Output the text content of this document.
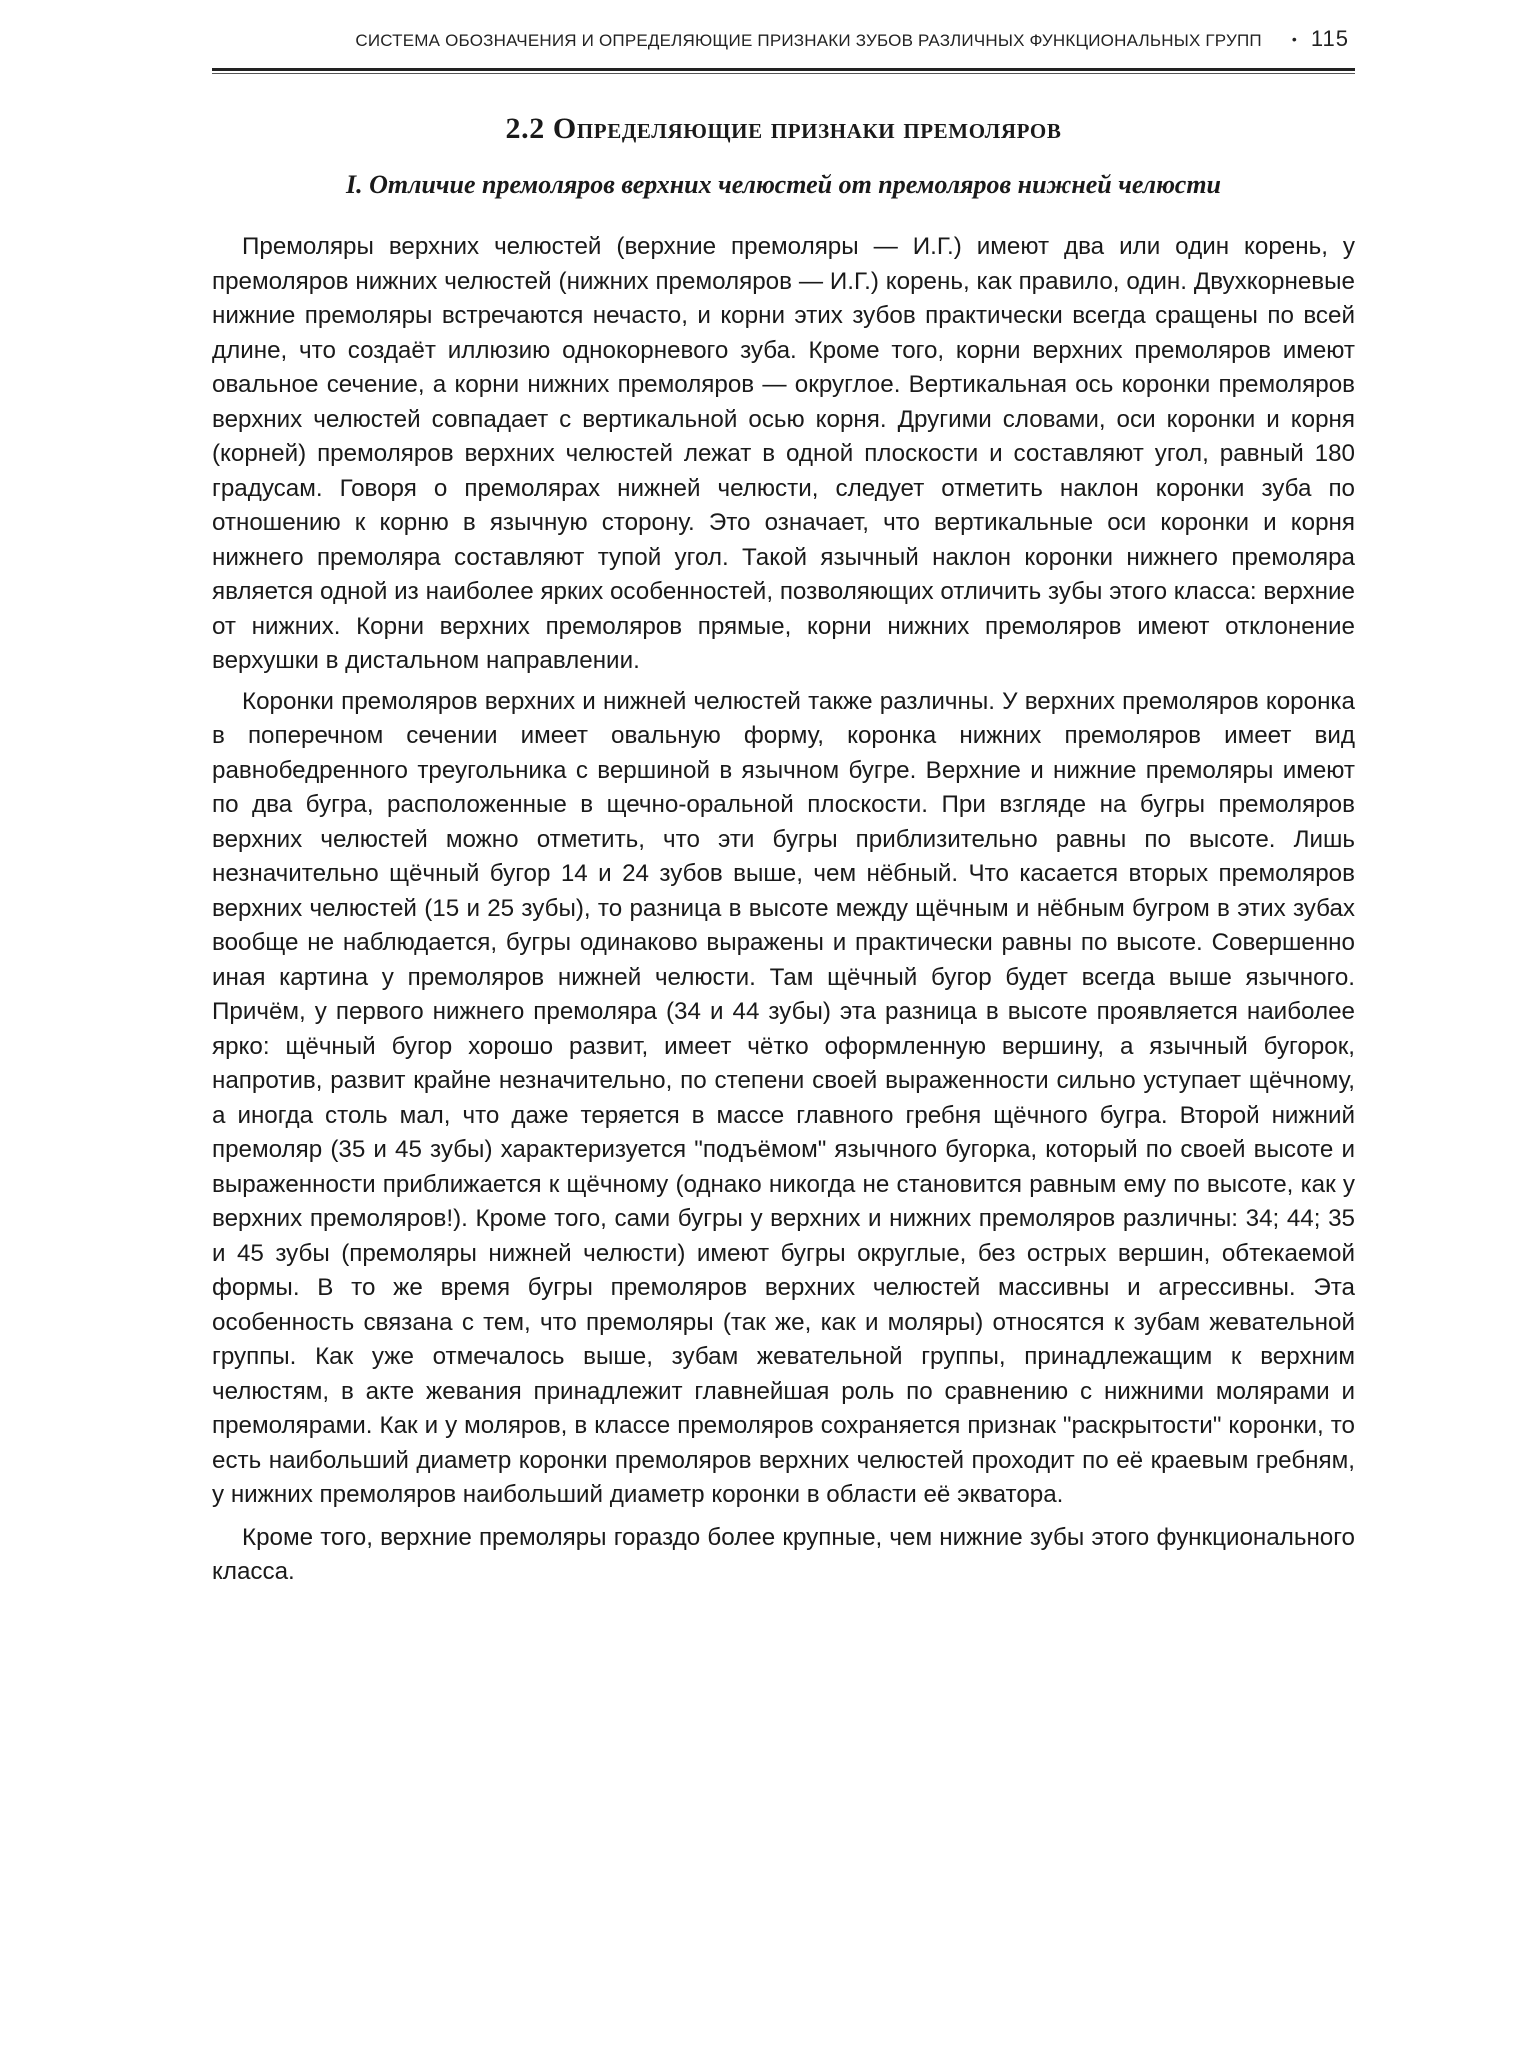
СИСТЕМА ОБОЗНАЧЕНИЯ И ОПРЕДЕЛЯЮЩИЕ ПРИЗНАКИ ЗУБОВ РАЗЛИЧНЫХ ФУНКЦИОНАЛЬНЫХ ГРУПП • 115
2.2 Определяющие признаки премоляров
I. Отличие премоляров верхних челюстей от премоляров нижней челюсти

Премоляры верхних челюстей (верхние премоляры — И.Г.) имеют два или один корень, у премоляров нижних челюстей (нижних премоляров — И.Г.) корень, как правило, один. Двухкорневые нижние премоляры встречаются нечасто, и корни этих зубов практически всегда сращены по всей длине, что создаёт иллюзию однокорневого зуба. Кроме того, корни верхних премоляров имеют овальное сечение, а корни нижних премоляров — округлое. Вертикальная ось коронки премоляров верхних челюстей совпадает с вертикальной осью корня. Другими словами, оси коронки и корня (корней) премоляров верхних челюстей лежат в одной плоскости и составляют угол, равный 180 градусам. Говоря о премолярах нижней челюсти, следует отметить наклон коронки зуба по отношению к корню в язычную сторону. Это означает, что вертикальные оси коронки и корня нижнего премоляра составляют тупой угол. Такой язычный наклон коронки нижнего премоляра является одной из наиболее ярких особенностей, позволяющих отличить зубы этого класса: верхние от нижних. Корни верхних премоляров прямые, корни нижних премоляров имеют отклонение верхушки в дистальном направлении.

Коронки премоляров верхних и нижней челюстей также различны. У верхних премоляров коронка в поперечном сечении имеет овальную форму, коронка нижних премоляров имеет вид равнобедренного треугольника с вершиной в язычном бугре. Верхние и нижние премоляры имеют по два бугра, расположенные в щечно-оральной плоскости. При взгляде на бугры премоляров верхних челюстей можно отметить, что эти бугры приблизительно равны по высоте. Лишь незначительно щёчный бугор 14 и 24 зубов выше, чем нёбный. Что касается вторых премоляров верхних челюстей (15 и 25 зубы), то разница в высоте между щёчным и нёбным бугром в этих зубах вообще не наблюдается, бугры одинаково выражены и практически равны по высоте. Совершенно иная картина у премоляров нижней челюсти. Там щёчный бугор будет всегда выше язычного. Причём, у первого нижнего премоляра (34 и 44 зубы) эта разница в высоте проявляется наиболее ярко: щёчный бугор хорошо развит, имеет чётко оформленную вершину, а язычный бугорок, напротив, развит крайне незначительно, по степени своей выраженности сильно уступает щёчному, а иногда столь мал, что даже теряется в массе главного гребня щёчного бугра. Второй нижний премоляр (35 и 45 зубы) характеризуется "подъёмом" язычного бугорка, который по своей высоте и выраженности приближается к щёчному (однако никогда не становится равным ему по высоте, как у верхних премоляров!). Кроме того, сами бугры у верхних и нижних премоляров различны: 34; 44; 35 и 45 зубы (премоляры нижней челюсти) имеют бугры округлые, без острых вершин, обтекаемой формы. В то же время бугры премоляров верхних челюстей массивны и агрессивны. Эта особенность связана с тем, что премоляры (так же, как и моляры) относятся к зубам жевательной группы. Как уже отмечалось выше, зубам жевательной группы, принадлежащим к верхним челюстям, в акте жевания принадлежит главнейшая роль по сравнению с нижними молярами и премолярами. Как и у моляров, в классе премоляров сохраняется признак "раскрытости" коронки, то есть наибольший диаметр коронки премоляров верхних челюстей проходит по её краевым гребням, у нижних премоляров наибольший диаметр коронки в области её экватора.

Кроме того, верхние премоляры гораздо более крупные, чем нижние зубы этого функционального класса.
